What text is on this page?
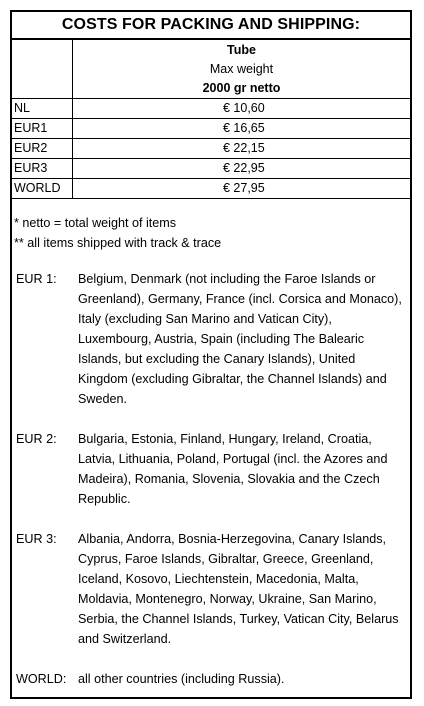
COSTS FOR PACKING AND SHIPPING:

	Tube
Max weight
2000 gr netto

NL	€ 10,60
EUR1	€ 16,65
EUR2	€ 22,15
EUR3	€ 22,95
WORLD	€ 27,95
* netto = total weight of items
** all items shipped with track & trace
EUR 1:	Belgium, Denmark (not including the Faroe Islands or Greenland), Germany, France (incl. Corsica and Monaco), Italy (excluding San Marino and Vatican City), Luxembourg, Austria, Spain (including The Balearic Islands, but excluding the Canary Islands), United Kingdom (excluding Gibraltar, the Channel Islands) and Sweden.
EUR 2:	Bulgaria, Estonia, Finland, Hungary, Ireland, Croatia, Latvia, Lithuania, Poland, Portugal (incl. the Azores and Madeira), Romania, Slovenia, Slovakia and the Czech Republic.
EUR 3:	Albania, Andorra, Bosnia-Herzegovina, Canary Islands, Cyprus, Faroe Islands, Gibraltar, Greece, Greenland, Iceland, Kosovo, Liechtenstein, Macedonia, Malta, Moldavia, Montenegro, Norway, Ukraine, San Marino, Serbia, the Channel Islands, Turkey, Vatican City, Belarus and Switzerland.
WORLD: all other countries (including Russia).
